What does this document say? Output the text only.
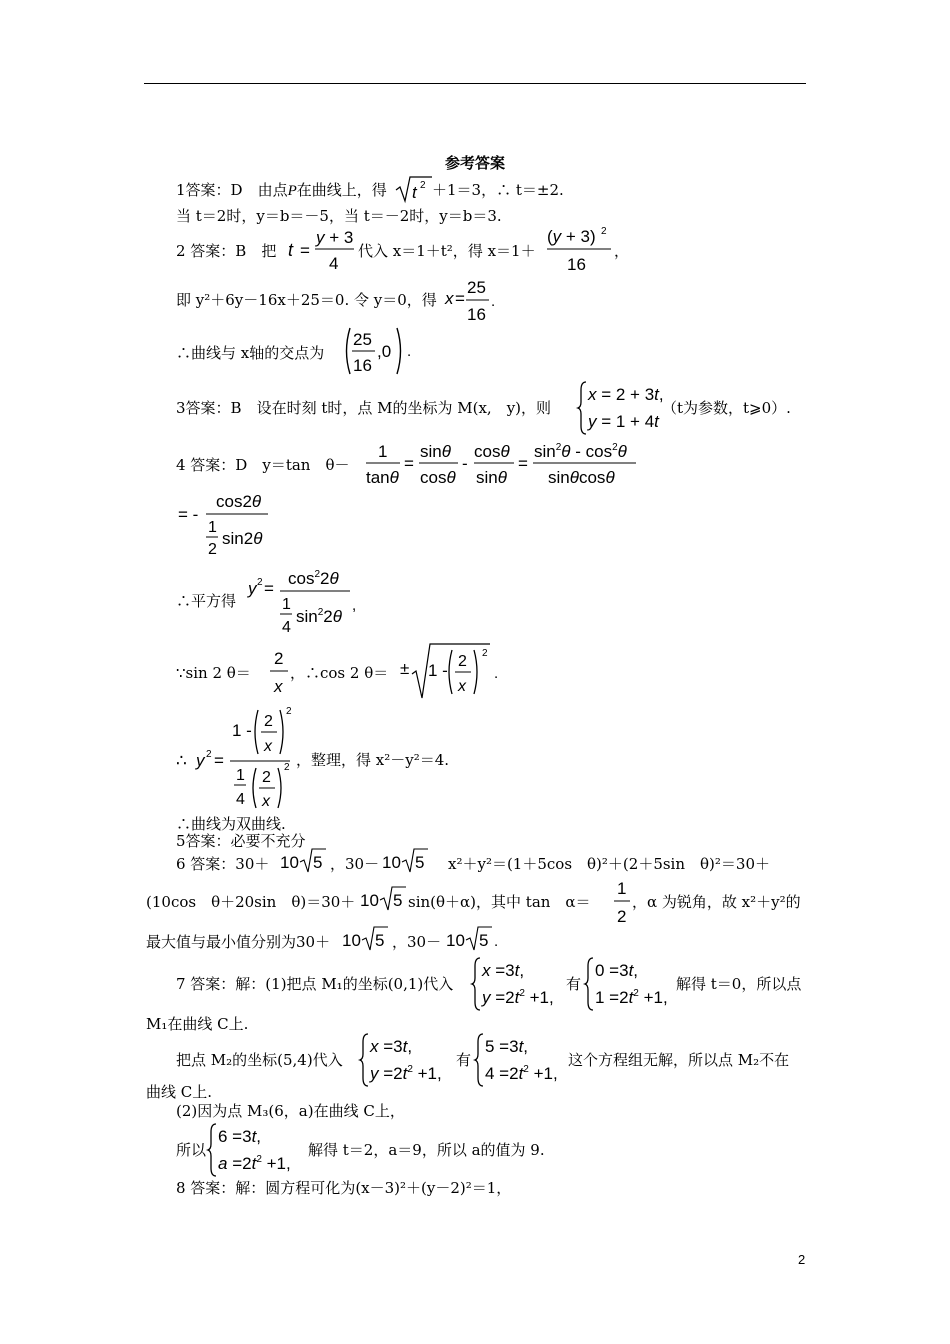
参考答案
1答案：D　由点P在曲线上，得 t 2 ＋1＝3，∴ t＝±2.
当 t＝2时，y＝b＝－5，当 t＝－2时，y＝b＝3.
2 答案：B　把 t =
y + 3
4
代入 x＝1＋t²，得 x＝1＋
(y + 3) 2
16
，
即 y²＋6y－16x＋25＝0. 令 y＝0，得 x =
25
16
.
∴曲线与 x轴的交点为
25
16
,0 .
3答案：B　设在时刻 t时，点 M的坐标为 M(x,　y)，则
x = 2 + 3t,
y = 1 + 4t
（t为参数，t⩾0）.
4 答案：D　y＝tan　θ－
1
tanθ
=
sinθ
cosθ
-
cosθ
sinθ
=
$\sin^2\theta - \cos^2\theta$
sinθcosθ
= -
cos2θ
1
2
sin2θ
∴平方得
y 2 =
$\cos^22\theta$
1
4
$\sin^22\theta$
,
∵sin 2 θ＝
2
x
，∴cos 2 θ＝ ± 1 - 2
x
2
.
∴ y 2 =
1 - 2
x
2
1
4
2
x
2 ，整理，得 x²－y²＝4.
∴曲线为双曲线.
5答案：必要不充分
6 答案：30＋ 10 5 ，30－ 10 5 x²＋y²＝(1＋5cos　θ)²＋(2＋5sin　θ)²＝30＋
(10cos　θ＋20sin　θ)＝30＋ 10 5 sin(θ＋α)，其中 tan　α＝
1
2
，α 为锐角，故 x²＋y²的
最大值与最小值分别为30＋ 10 5 ，30－ 10 5 .
7 答案：解：(1)把点 M₁的坐标(0,1)代入
x =3t,
$y =2t^2 +1$,
有
0 =3t,
$1 =2t^2 +1$,
解得 t＝0，所以点
M₁在曲线 C上.
把点 M₂的坐标(5,4)代入
x =3t,
$y =2t^2 +1$,
有
5 =3t,
$4 =2t^2 +1$,
这个方程组无解，所以点 M₂不在
曲线 C上.
(2)因为点 M₃(6，a)在曲线 C上，
所以
6 =3t,
$a =2t^2 +1$,
解得 t＝2，a＝9，所以 a的值为 9.
8 答案：解：圆方程可化为(x－3)²＋(y－2)²＝1，
2
